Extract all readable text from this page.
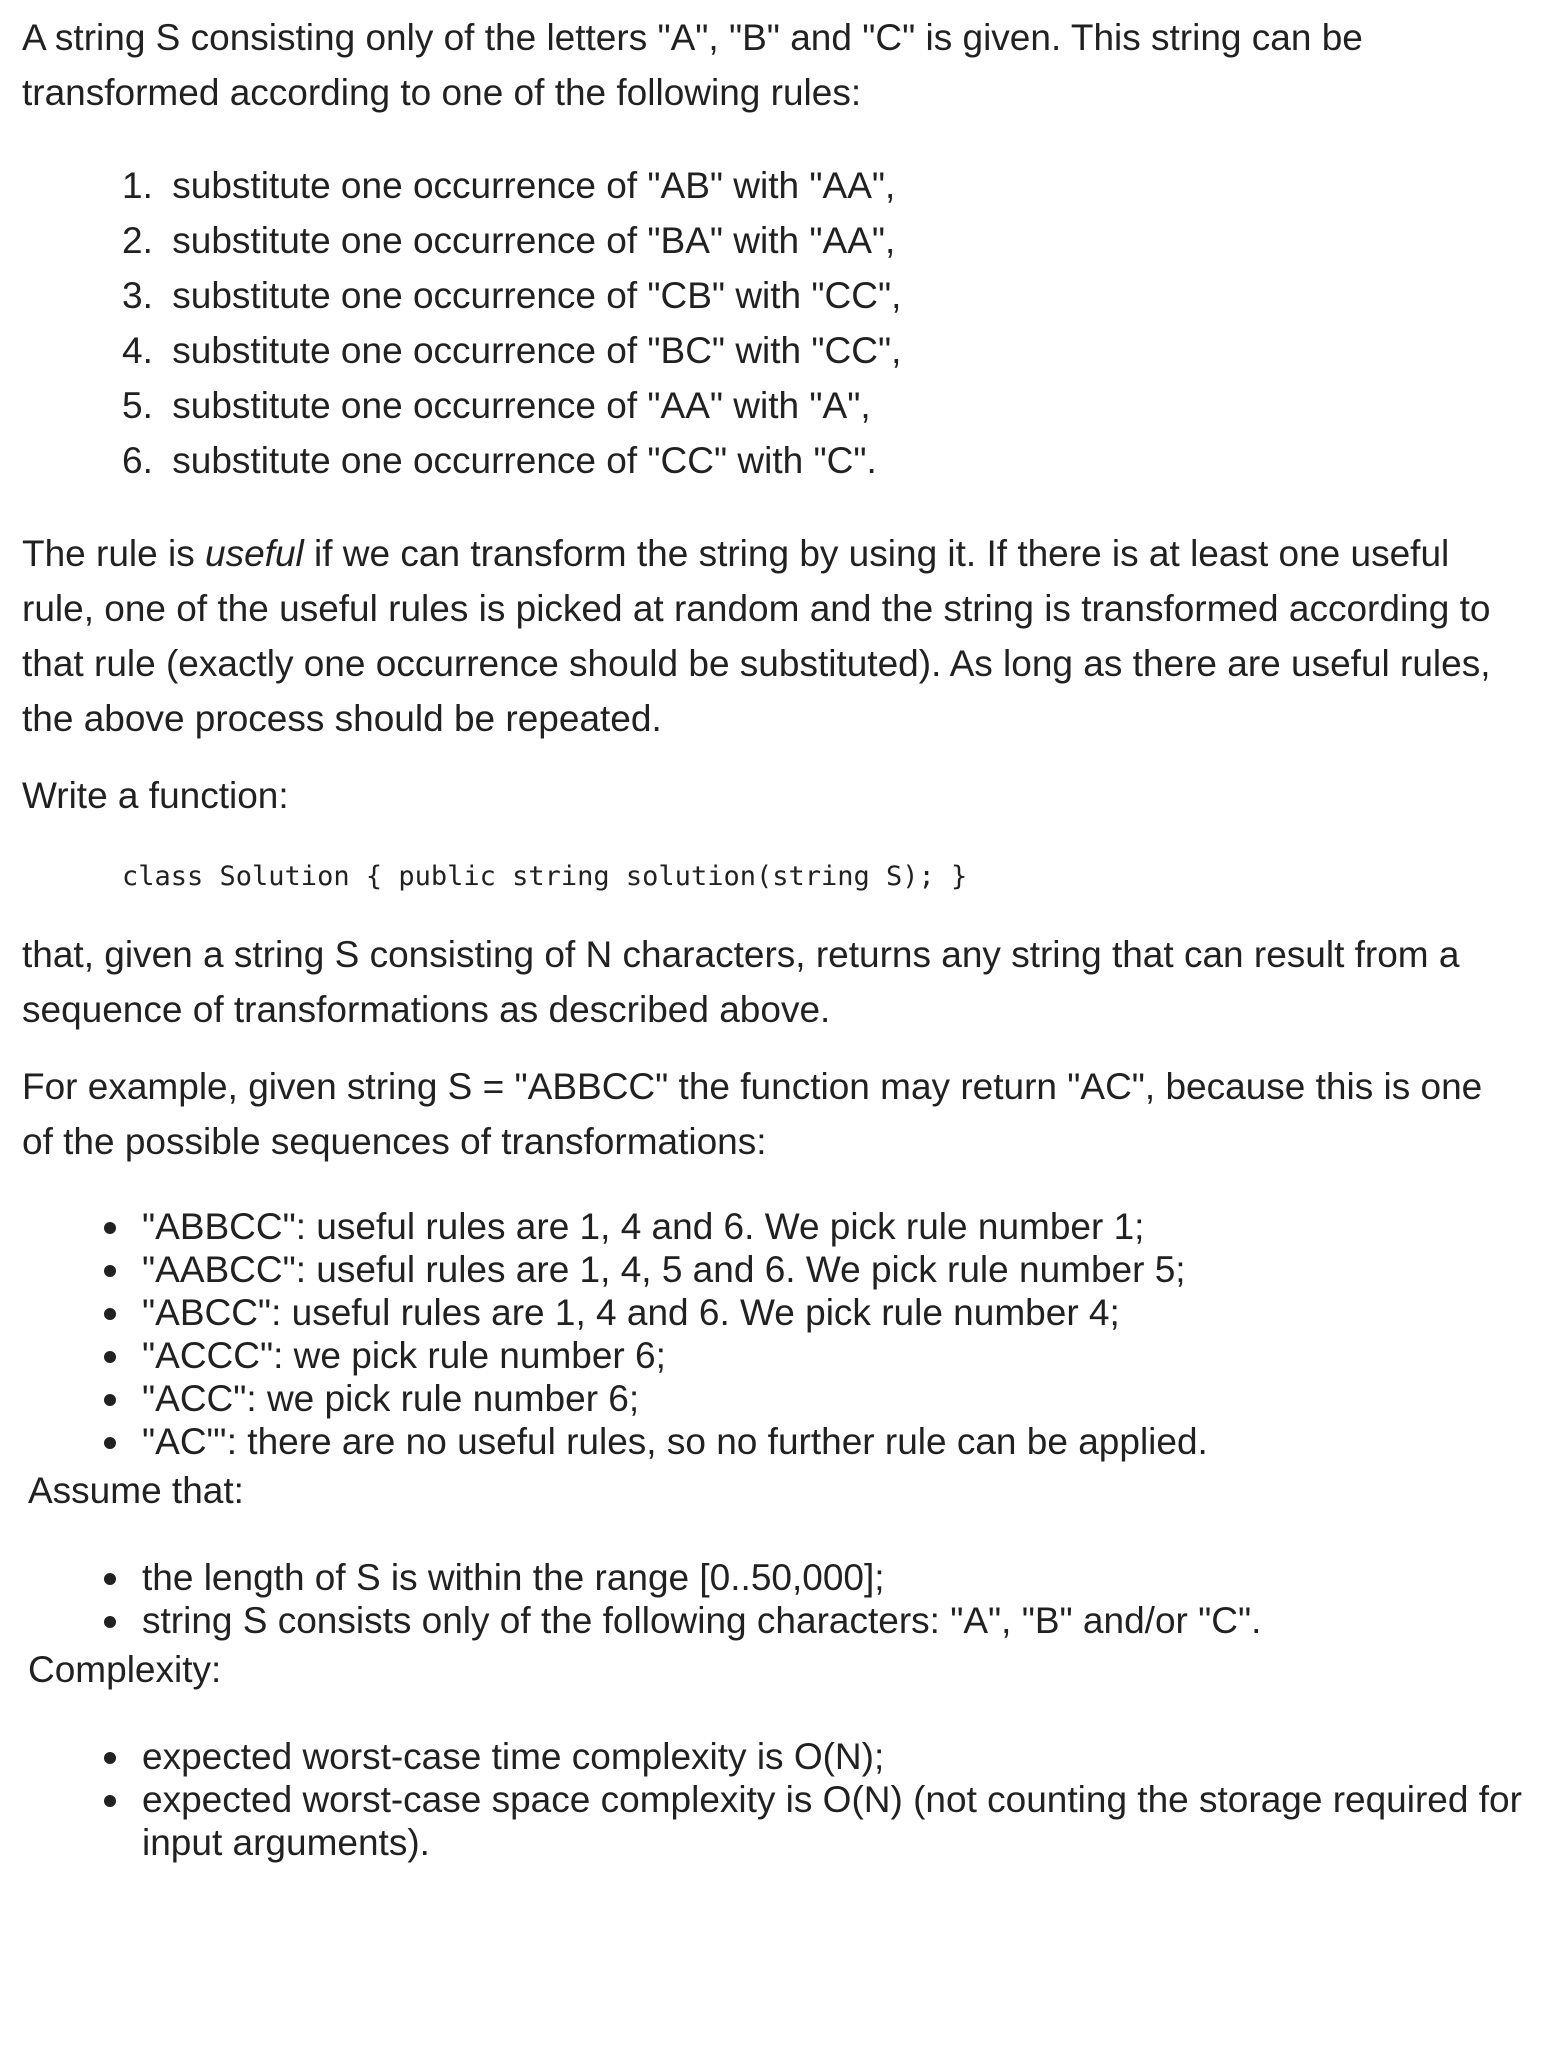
A string S consisting only of the letters "A", "B" and "C" is given. This string can be transformed according to one of the following rules:

1. substitute one occurrence of "AB" with "AA",
2. substitute one occurrence of "BA" with "AA",
3. substitute one occurrence of "CB" with "CC",
4. substitute one occurrence of "BC" with "CC",
5. substitute one occurrence of "AA" with "A",
6. substitute one occurrence of "CC" with "C".

The rule is useful if we can transform the string by using it. If there is at least one useful rule, one of the useful rules is picked at random and the string is transformed according to that rule (exactly one occurrence should be substituted). As long as there are useful rules, the above process should be repeated.

Write a function:

class Solution { public string solution(string S); }

that, given a string S consisting of N characters, returns any string that can result from a sequence of transformations as described above.

For example, given string S = "ABBCC" the function may return "AC", because this is one of the possible sequences of transformations:

"ABBCC": useful rules are 1, 4 and 6. We pick rule number 1;
"AABCC": useful rules are 1, 4, 5 and 6. We pick rule number 5;
"ABCC": useful rules are 1, 4 and 6. We pick rule number 4;
"ACCC": we pick rule number 6;
"ACC": we pick rule number 6;
"AC"': there are no useful rules, so no further rule can be applied.

Assume that:

the length of S is within the range [0..50,000];
string S consists only of the following characters: "A", "B" and/or "C".

Complexity:

expected worst-case time complexity is O(N);
expected worst-case space complexity is O(N) (not counting the storage required for input arguments).
